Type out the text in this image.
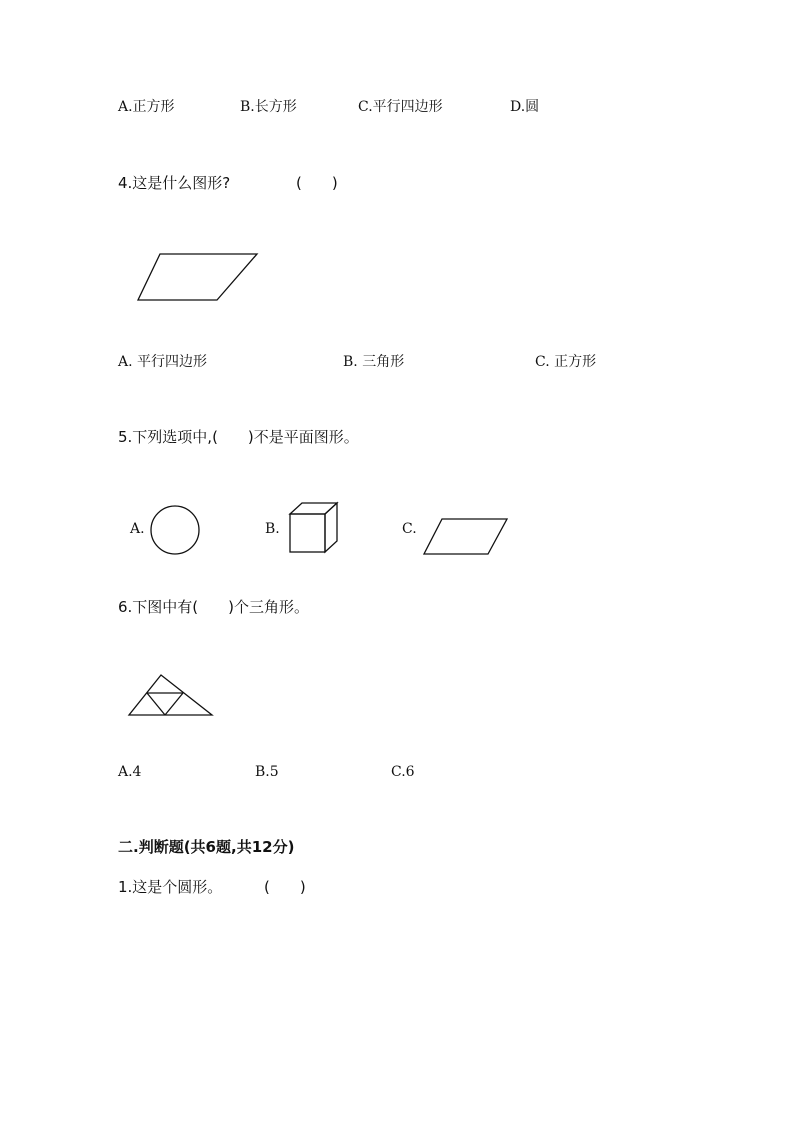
A.正方形	B.长方形	C.平行四边形	D.圆
4.这是什么图形?	(　　)
A. 平行四边形	B. 三角形	C. 正方形
5.下列选项中,(　　)不是平面图形。
A.	B.	C.
6.下图中有(　　)个三角形。
A.4	B.5	C.6
二.判断题(共6题,共12分)
1.这是个圆形。	(　　)
